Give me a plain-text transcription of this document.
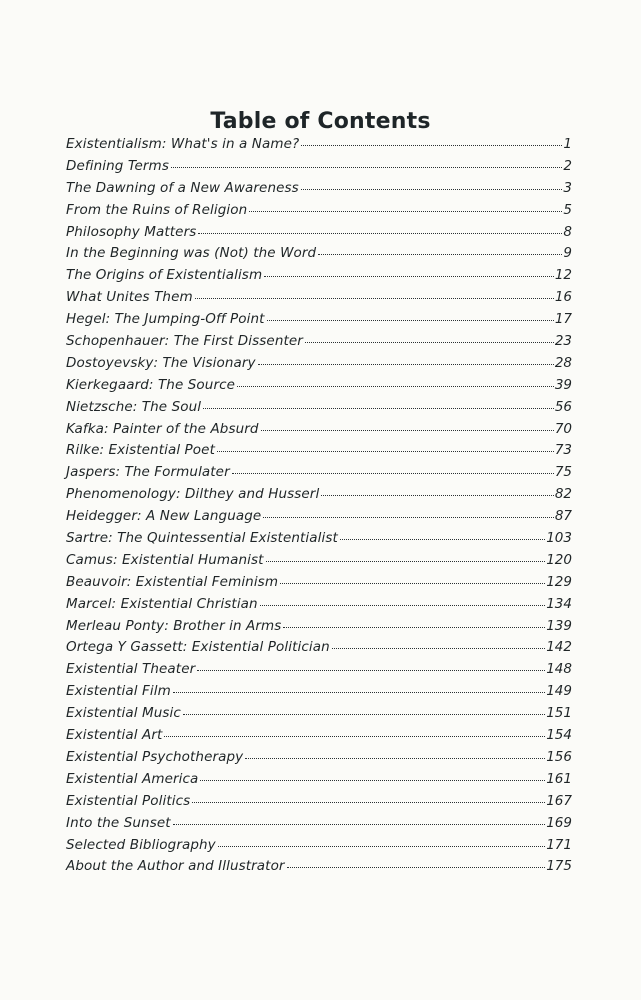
Table of Contents
Existentialism: What's in a Name?	1
Defining Terms	2
The Dawning of a New Awareness	3
From the Ruins of Religion	5
Philosophy Matters	8
In the Beginning was (Not) the Word	9
The Origins of Existentialism	12
What Unites Them	16
Hegel: The Jumping-Off Point	17
Schopenhauer: The First Dissenter	23
Dostoyevsky: The Visionary	28
Kierkegaard: The Source	39
Nietzsche: The Soul	56
Kafka: Painter of the Absurd	70
Rilke: Existential Poet	73
Jaspers: The Formulater	75
Phenomenology: Dilthey and Husserl	82
Heidegger: A New Language	87
Sartre: The Quintessential Existentialist	103
Camus: Existential Humanist	120
Beauvoir: Existential Feminism	129
Marcel: Existential Christian	134
Merleau Ponty: Brother in Arms	139
Ortega Y Gassett: Existential Politician	142
Existential Theater	148
Existential Film	149
Existential Music	151
Existential Art	154
Existential Psychotherapy	156
Existential America	161
Existential Politics	167
Into the Sunset	169
Selected Bibliography	171
About the Author and Illustrator	175
